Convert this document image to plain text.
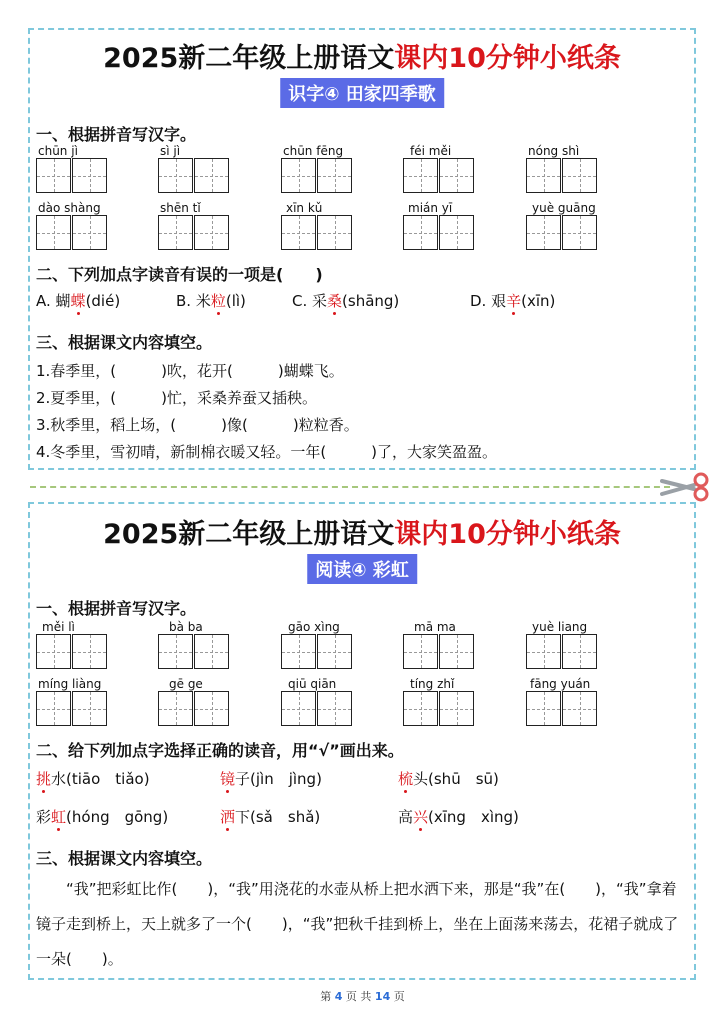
2025新二年级上册语文课内10分钟小纸条
识字④ 田家四季歌
一、根据拼音写汉字。
chūn jì	sì jì	chūn fēng	féi měi	nóng shì
dào shàng	shēn tǐ	xīn kǔ	mián yī	yuè guāng
二、下列加点字读音有误的一项是(　　)
A. 蝴蝶(dié)	B. 米粒(lì)	C. 采桑(shāng)	D. 艰辛(xīn)
三、根据课文内容填空。
1.春季里，(　　　)吹，花开(　　　)蝴蝶飞。
2.夏季里，(　　　)忙，采桑养蚕又插秧。
3.秋季里，稻上场，(　　　)像(　　　)粒粒香。
4.冬季里，雪初晴，新制棉衣暖又轻。一年(　　　)了，大家笑盈盈。
2025新二年级上册语文课内10分钟小纸条
阅读④ 彩虹
一、根据拼音写汉字。
měi lì	bà ba	gāo xìng	mā ma	yuè liang
míng liàng	gē ge	qiū qiān	tíng zhǐ	fāng yuán
二、给下列加点字选择正确的读音，用“√”画出来。
挑水(tiāo　tiǎo)	镜子(jìn　jìng)	梳头(shū　sū)
彩虹(hóng　gōng)	洒下(sǎ　shǎ)	高兴(xīng　xìng)
三、根据课文内容填空。
“我”把彩虹比作(　　)，“我”用浇花的水壶从桥上把水洒下来，那是“我”在(　　)，“我”拿着镜子走到桥上，天上就多了一个(　　)，“我”把秋千挂到桥上，坐在上面荡来荡去，花裙子就成了一朵(　　)。
第 4 页 共 14 页
